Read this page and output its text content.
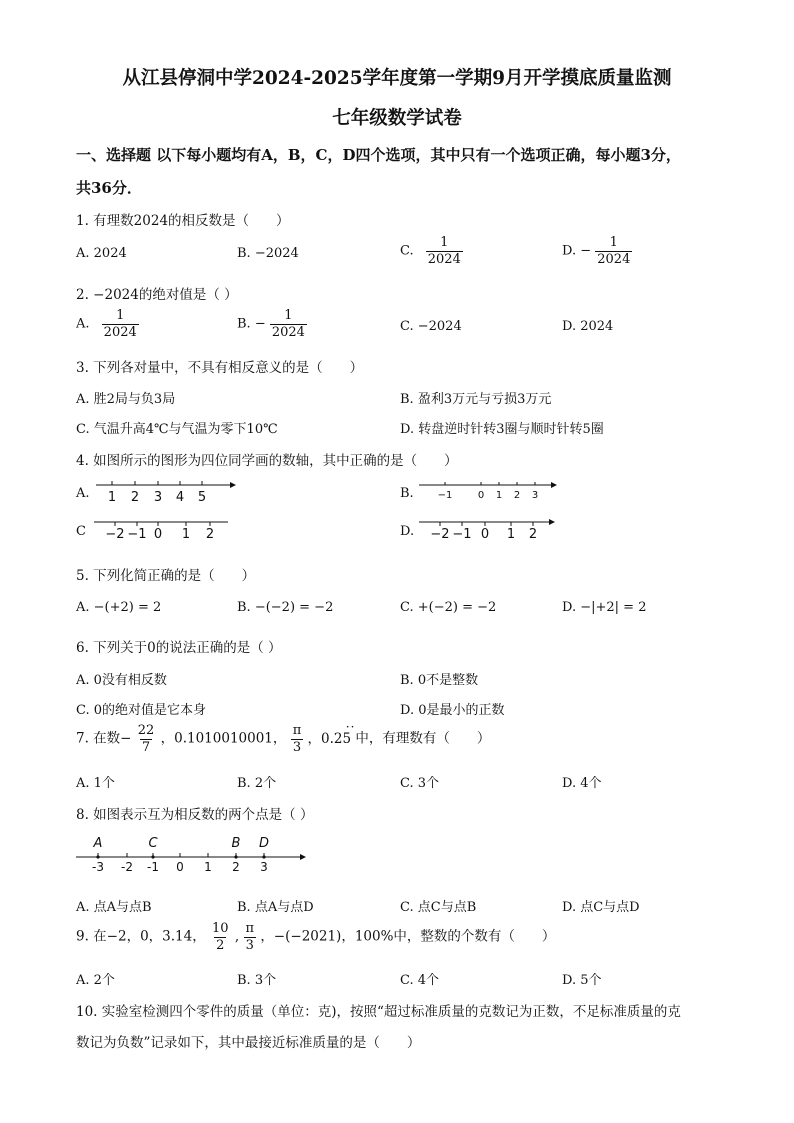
从江县停洞中学2024-2025学年度第一学期9月开学摸底质量监测
七年级数学试卷
一、选择题 以下每小题均有A，B，C，D四个选项，其中只有一个选项正确，每小题3分，
共36分．
1. 有理数2024的相反数是（　　）
A. 2024	B. −2024	C. $\frac{1}{2024}$	D. − $\frac{1}{2024}$
2. −2024的绝对值是（ ）
A. $\frac{1}{2024}$	B. − $\frac{1}{2024}$	C. −2024	D. 2024
3. 下列各对量中，不具有相反意义的是（　　）
A. 胜2局与负3局	B. 盈利3万元与亏损3万元
C. 气温升高4℃与气温为零下10℃	D. 转盘逆时针转3圈与顺时针转5圈
4. 如图所示的图形为四位同学画的数轴，其中正确的是（　　）
A. 1 2 3 4 5	B. −1	0 1 2 3
C −2 −1 0 1 2	D. −2 −1 0 1 2
5. 下列化简正确的是（　　）
A. −(+2) = 2	B. −(−2) = −2	C. +(−2) = −2	D. −|+2| = 2
6. 下列关于0的说法正确的是（ ）
A. 0没有相反数	B. 0不是整数
C. 0的绝对值是它本身	D. 0是最小的正数
7. 在数− $\frac{22}{7}$ ，0.1010010001， $\frac{\pi}{3}$ ，0.25
··
中，有理数有（　　）
A. 1个	B. 2个	C. 3个	D. 4个
8. 如图表示互为相反数的两个点是（ ）
-3 -2 -1 0 1 2 3
A	C	B D
A. 点A与点B	B. 点A与点D	C. 点C与点B	D. 点C与点D
9. 在−2，0，3.14， $\frac{10}{2}$ , $\frac{\pi}{3}$ ，−(−2021)，100%中，整数的个数有（　　）
A. 2个	B. 3个	C. 4个	D. 5个
10. 实验室检测四个零件的质量（单位：克)，按照“超过标准质量的克数记为正数，不足标准质量的克
数记为负数”记录如下，其中最接近标准质量的是（　　）
